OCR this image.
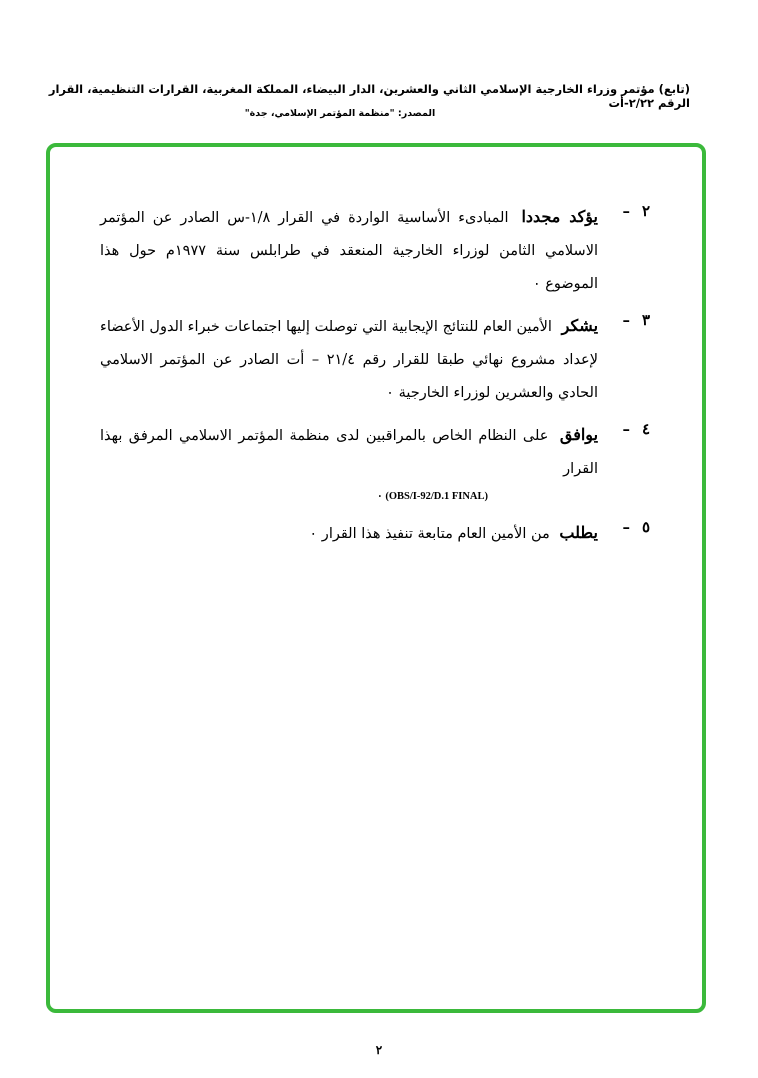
(تابع) مؤتمر وزراء الخارجية الإسلامي الثاني والعشرين، الدار البيضاء، المملكة المغربية، القرارات التنظيمية، القرار الرقم ٢/٢٢-أت
المصدر: "منظمة المؤتمر الإسلامي، جدة"
٢
–
يؤكد مجددا المبادىء الأساسية الواردة في القرار ١/٨-س الصادر عن المؤتمر الاسلامي الثامن لوزراء الخارجية المنعقد في طرابلس سنة ١٩٧٧م حول هذا الموضوع ٠
٣
–
يشكر الأمين العام للنتائج الإيجابية التي توصلت إليها اجتماعات خبراء الدول الأعضاء لإعداد مشروع نهائي طبقا للقرار رقم ٢١/٤ – أت الصادر عن المؤتمر الاسلامي الحادي والعشرين لوزراء الخارجية ٠
٤
–
يوافق على النظام الخاص بالمراقبين لدى منظمة المؤتمر الاسلامي المرفق بهذا القرار
(OBS/I-92/D.1 FINAL) ٠
٥
–
يطلب من الأمين العام متابعة تنفيذ هذا القرار ٠
٢
